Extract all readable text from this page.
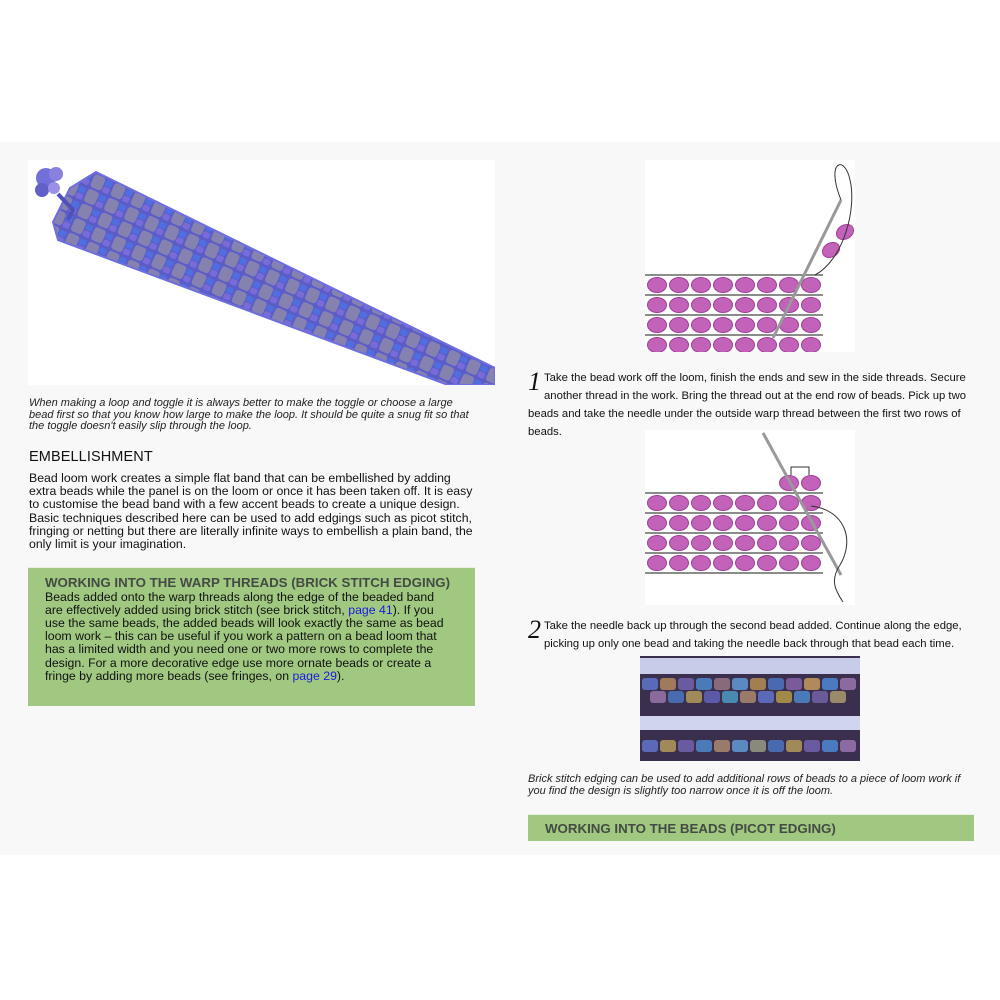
When making a loop and toggle it is always better to make the toggle or choose a large bead first so that you know how large to make the loop. It should be quite a snug fit so that the toggle doesn't easily slip through the loop.
EMBELLISHMENT
Bead loom work creates a simple flat band that can be embellished by adding extra beads while the panel is on the loom or once it has been taken off. It is easy to customise the bead band with a few accent beads to create a unique design. Basic techniques described here can be used to add edgings such as picot stitch, fringing or netting but there are literally infinite ways to embellish a plain band, the only limit is your imagination.
WORKING INTO THE WARP THREADS (BRICK STITCH EDGING)
Beads added onto the warp threads along the edge of the beaded band are effectively added using brick stitch (see brick stitch, page 41). If you use the same beads, the added beads will look exactly the same as bead loom work – this can be useful if you work a pattern on a bead loom that has a limited width and you need one or two more rows to complete the design. For a more decorative edge use more ornate beads or create a fringe by adding more beads (see fringes, on page 29).
1 Take the bead work off the loom, finish the ends and sew in the side threads. Secure another thread in the work. Bring the thread out at the end row of beads. Pick up two beads and take the needle under the outside warp thread between the first two rows of beads.
2 Take the needle back up through the second bead added. Continue along the edge, picking up only one bead and taking the needle back through that bead each time.
Brick stitch edging can be used to add additional rows of beads to a piece of loom work if you find the design is slightly too narrow once it is off the loom.
WORKING INTO THE BEADS (PICOT EDGING)
